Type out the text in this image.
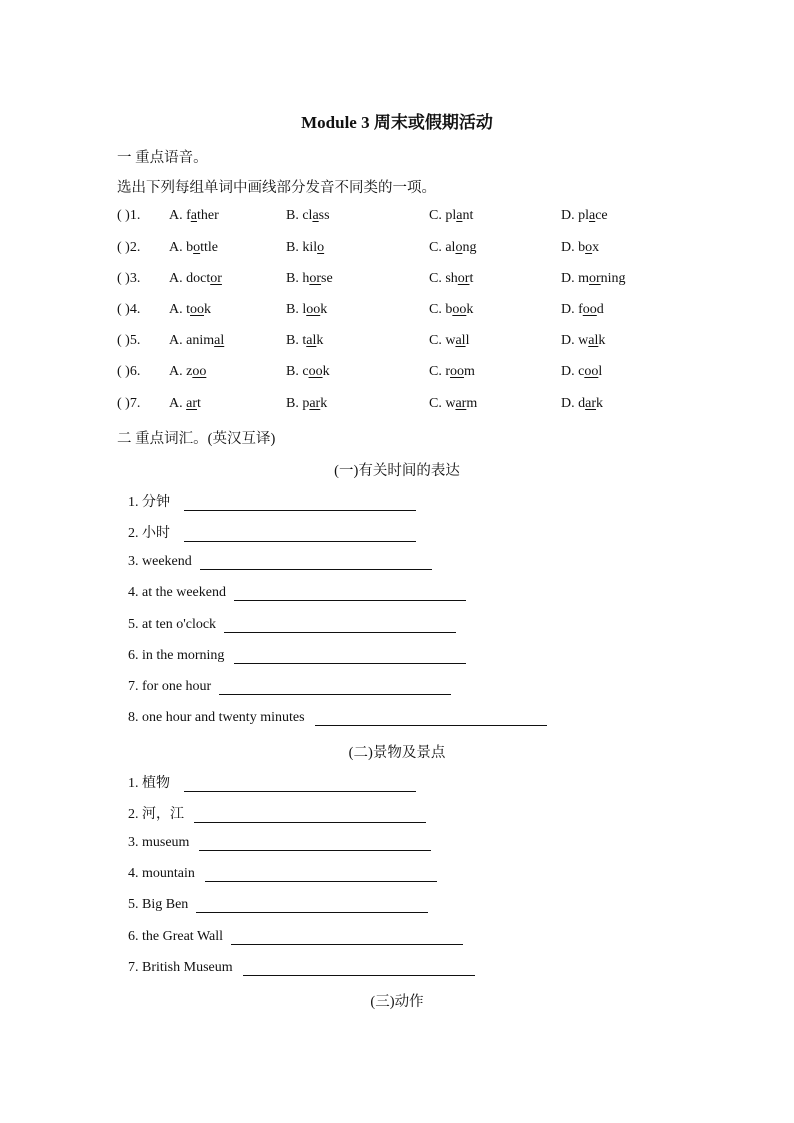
Module 3 周末或假期活动
一 重点语音。
选出下列每组单词中画线部分发音不同类的一项。
( )1. A. father	B. class	C. plant	D. place
( )2. A. bottle	B. kilo	C. along	D. box
( )3. A. doctor	B. horse	C. short	D. morning
( )4. A. took	B. look	C. book	D. food
( )5. A. animal	B. talk	C. wall	D. walk
( )6. A. zoo	B. cook	C. room	D. cool
( )7. A. art	B. park	C. warm	D. dark
二 重点词汇。(英汉互译)
(一)有关时间的表达
1. 分钟
2. 小时
3. weekend
4. at the weekend
5. at ten o'clock
6. in the morning
7. for one hour
8. one hour and twenty minutes
(二)景物及景点
1. 植物
2. 河，江
3. museum
4. mountain
5. Big Ben
6. the Great Wall
7. British Museum
(三)动作
